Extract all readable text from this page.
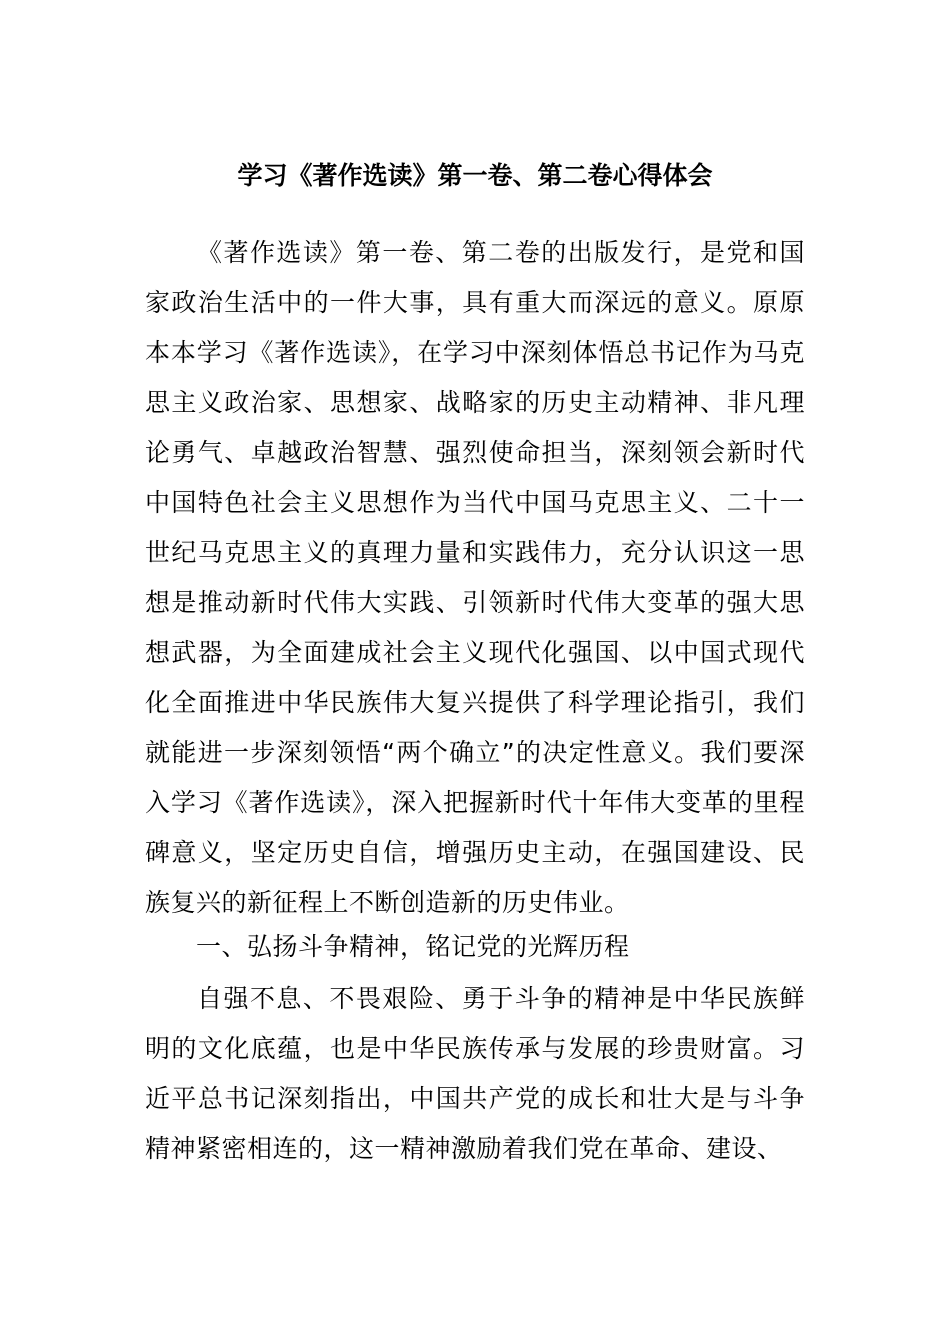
学习《著作选读》第一卷、第二卷心得体会

《著作选读》第一卷、第二卷的出版发行，是党和国家政治生活中的一件大事，具有重大而深远的意义。原原本本学习《著作选读》，在学习中深刻体悟总书记作为马克思主义政治家、思想家、战略家的历史主动精神、非凡理论勇气、卓越政治智慧、强烈使命担当，深刻领会新时代中国特色社会主义思想作为当代中国马克思主义、二十一世纪马克思主义的真理力量和实践伟力，充分认识这一思想是推动新时代伟大实践、引领新时代伟大变革的强大思想武器，为全面建成社会主义现代化强国、以中国式现代化全面推进中华民族伟大复兴提供了科学理论指引，我们就能进一步深刻领悟“两个确立”的决定性意义。我们要深入学习《著作选读》，深入把握新时代十年伟大变革的里程碑意义，坚定历史自信，增强历史主动，在强国建设、民族复兴的新征程上不断创造新的历史伟业。

一、弘扬斗争精神，铭记党的光辉历程

自强不息、不畏艰险、勇于斗争的精神是中华民族鲜明的文化底蕴，也是中华民族传承与发展的珍贵财富。习近平总书记深刻指出，中国共产党的成长和壮大是与斗争精神紧密相连的，这一精神激励着我们党在革命、建设、
